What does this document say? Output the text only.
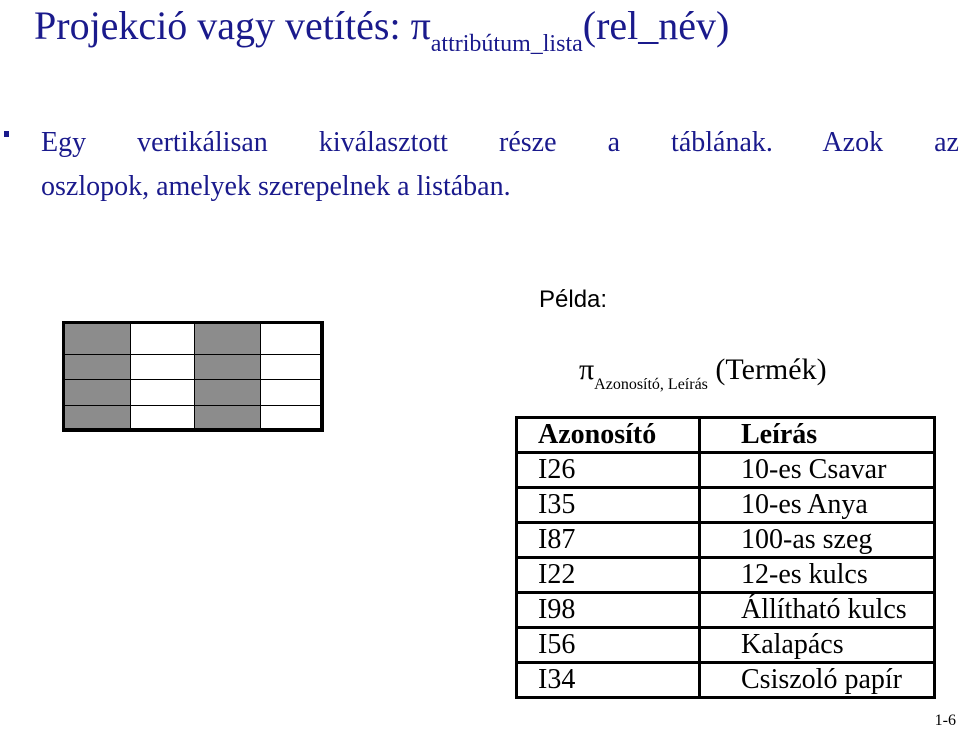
Projekció vagy vetítés: $\pi_{attribútum\_lista}(rel\_név)$
Egy vertikálisan kiválasztott része a táblának. Azok az
oszlopok, amelyek szerepelnek a listában.
Példa:
$\pi_{Azonosító, Leírás}$ (Termék)
Azonosító	Leírás
I26	10-es Csavar
I35	10-es Anya
I87	100-as szeg
I22	12-es kulcs
I98	Állítható kulcs
I56	Kalapács
I34	Csiszoló papír
1-6
